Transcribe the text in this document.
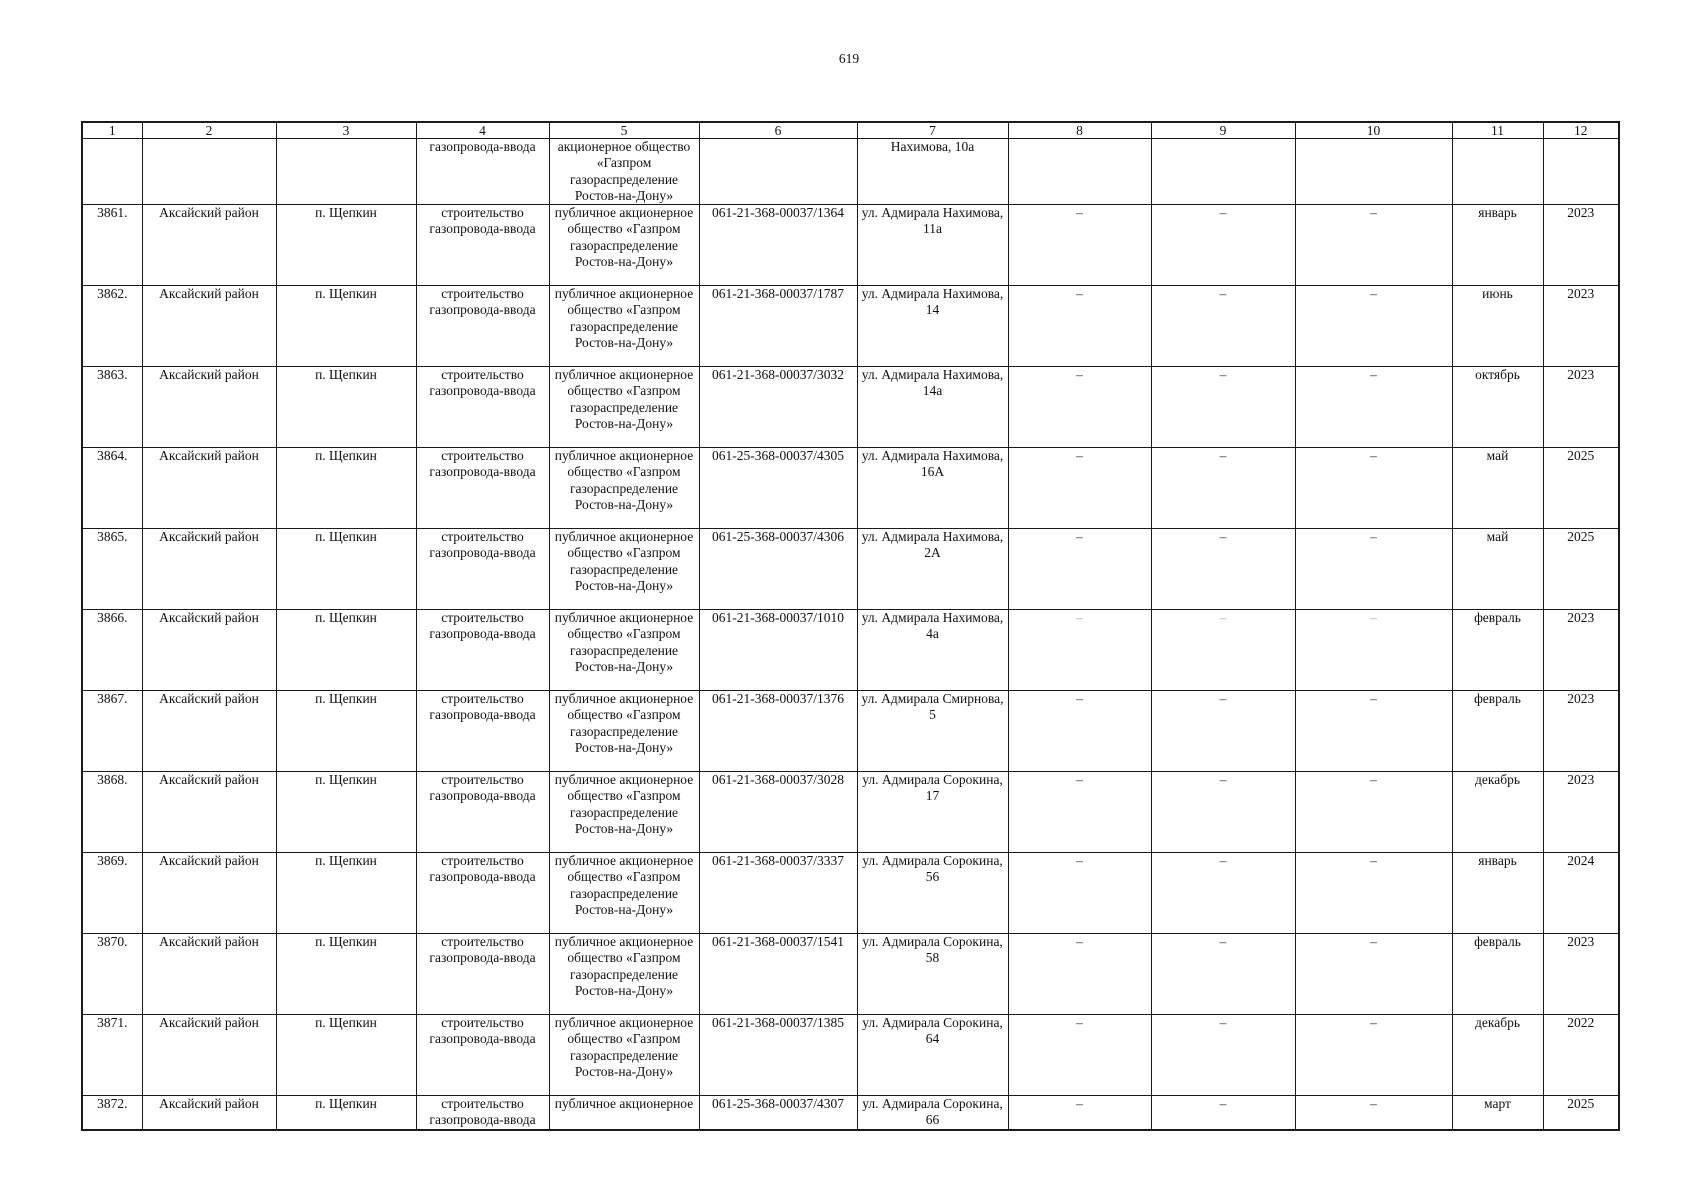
619
1	2	3	4	5	6	7	8	9	10	11	12
			газопровода-ввода	акционерное общество «Газпром газораспределение Ростов-на-Дону»		Нахимова, 10а					
3861.	Аксайский район	п. Щепкин	строительство газопровода-ввода	публичное акционерное общество «Газпром газораспределение Ростов-на-Дону»	061-21-368-00037/1364	ул. Адмирала Нахимова, 11а	–	–	–	январь	2023
3862.	Аксайский район	п. Щепкин	строительство газопровода-ввода	публичное акционерное общество «Газпром газораспределение Ростов-на-Дону»	061-21-368-00037/1787	ул. Адмирала Нахимова, 14	–	–	–	июнь	2023
3863.	Аксайский район	п. Щепкин	строительство газопровода-ввода	публичное акционерное общество «Газпром газораспределение Ростов-на-Дону»	061-21-368-00037/3032	ул. Адмирала Нахимова, 14а	–	–	–	октябрь	2023
3864.	Аксайский район	п. Щепкин	строительство газопровода-ввода	публичное акционерное общество «Газпром газораспределение Ростов-на-Дону»	061-25-368-00037/4305	ул. Адмирала Нахимова, 16А	–	–	–	май	2025
3865.	Аксайский район	п. Щепкин	строительство газопровода-ввода	публичное акционерное общество «Газпром газораспределение Ростов-на-Дону»	061-25-368-00037/4306	ул. Адмирала Нахимова, 2А	–	–	–	май	2025
3866.	Аксайский район	п. Щепкин	строительство газопровода-ввода	публичное акционерное общество «Газпром газораспределение Ростов-на-Дону»	061-21-368-00037/1010	ул. Адмирала Нахимова, 4а	–	–	–	февраль	2023
3867.	Аксайский район	п. Щепкин	строительство газопровода-ввода	публичное акционерное общество «Газпром газораспределение Ростов-на-Дону»	061-21-368-00037/1376	ул. Адмирала Смирнова, 5	–	–	–	февраль	2023
3868.	Аксайский район	п. Щепкин	строительство газопровода-ввода	публичное акционерное общество «Газпром газораспределение Ростов-на-Дону»	061-21-368-00037/3028	ул. Адмирала Сорокина, 17	–	–	–	декабрь	2023
3869.	Аксайский район	п. Щепкин	строительство газопровода-ввода	публичное акционерное общество «Газпром газораспределение Ростов-на-Дону»	061-21-368-00037/3337	ул. Адмирала Сорокина, 56	–	–	–	январь	2024
3870.	Аксайский район	п. Щепкин	строительство газопровода-ввода	публичное акционерное общество «Газпром газораспределение Ростов-на-Дону»	061-21-368-00037/1541	ул. Адмирала Сорокина, 58	–	–	–	февраль	2023
3871.	Аксайский район	п. Щепкин	строительство газопровода-ввода	публичное акционерное общество «Газпром газораспределение Ростов-на-Дону»	061-21-368-00037/1385	ул. Адмирала Сорокина, 64	–	–	–	декабрь	2022
3872.	Аксайский район	п. Щепкин	строительство газопровода-ввода	публичное акционерное	061-25-368-00037/4307	ул. Адмирала Сорокина, 66	–	–	–	март	2025
